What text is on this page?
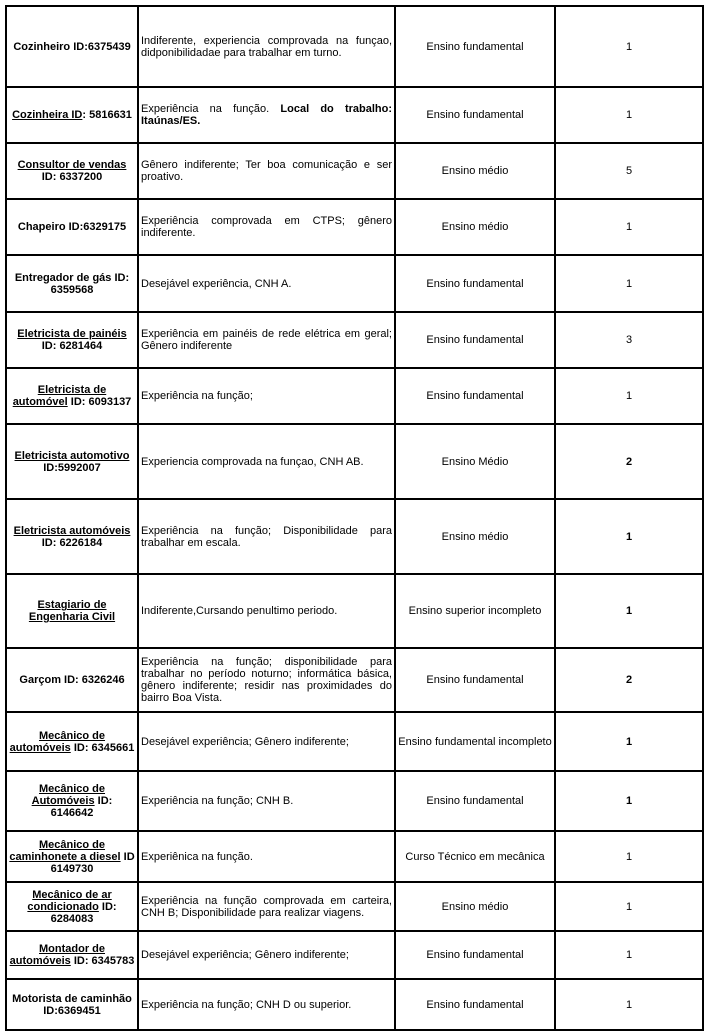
Cozinheiro ID:6375439	Indiferente, experiencia comprovada na funçao, didponibilidadae para trabalhar em turno.	Ensino fundamental	1
Cozinheira ID: 5816631	Experiência na função. Local do trabalho: Itaúnas/ES.	Ensino fundamental	1
Consultor de vendas ID: 6337200	Gênero indiferente; Ter boa comunicação e ser proativo.	Ensino médio	5
Chapeiro ID:6329175	Experiência comprovada em CTPS; gênero indiferente.	Ensino médio	1
Entregador de gás ID: 6359568	Desejável experiência, CNH A.	Ensino fundamental	1
Eletricista de painéis ID: 6281464	Experiência em painéis de rede elétrica em geral; Gênero indiferente	Ensino fundamental	3
Eletricista de automóvel ID: 6093137	Experiência na função;	Ensino fundamental	1
Eletricista automotivo ID:5992007	Experiencia comprovada na funçao, CNH AB.	Ensino Médio	2
Eletricista automóveis ID: 6226184	Experiência na função; Disponibilidade para trabalhar em escala.	Ensino médio	1
Estagiario de Engenharia Civil	Indiferente,Cursando penultimo periodo.	Ensino superior incompleto	1
Garçom ID: 6326246	Experiência na função; disponibilidade para trabalhar no período noturno; informática básica, gênero indiferente; residir nas proximidades do bairro Boa Vista.	Ensino fundamental	2
Mecânico de automóveis ID: 6345661	Desejável experiência; Gênero indiferente;	Ensino fundamental incompleto	1
Mecânico de Automóveis ID: 6146642	Experiência na função; CNH B.	Ensino fundamental	1
Mecânico de caminhonete a diesel ID 6149730	Experiênica na função.	Curso Técnico em mecânica	1
Mecânico de ar condicionado ID: 6284083	Experiência na função comprovada em carteira, CNH B; Disponibilidade para realizar viagens.	Ensino médio	1
Montador de automóveis ID: 6345783	Desejável experiência; Gênero indiferente;	Ensino fundamental	1
Motorista de caminhão ID:6369451	Experiência na função; CNH D ou superior.	Ensino fundamental	1
